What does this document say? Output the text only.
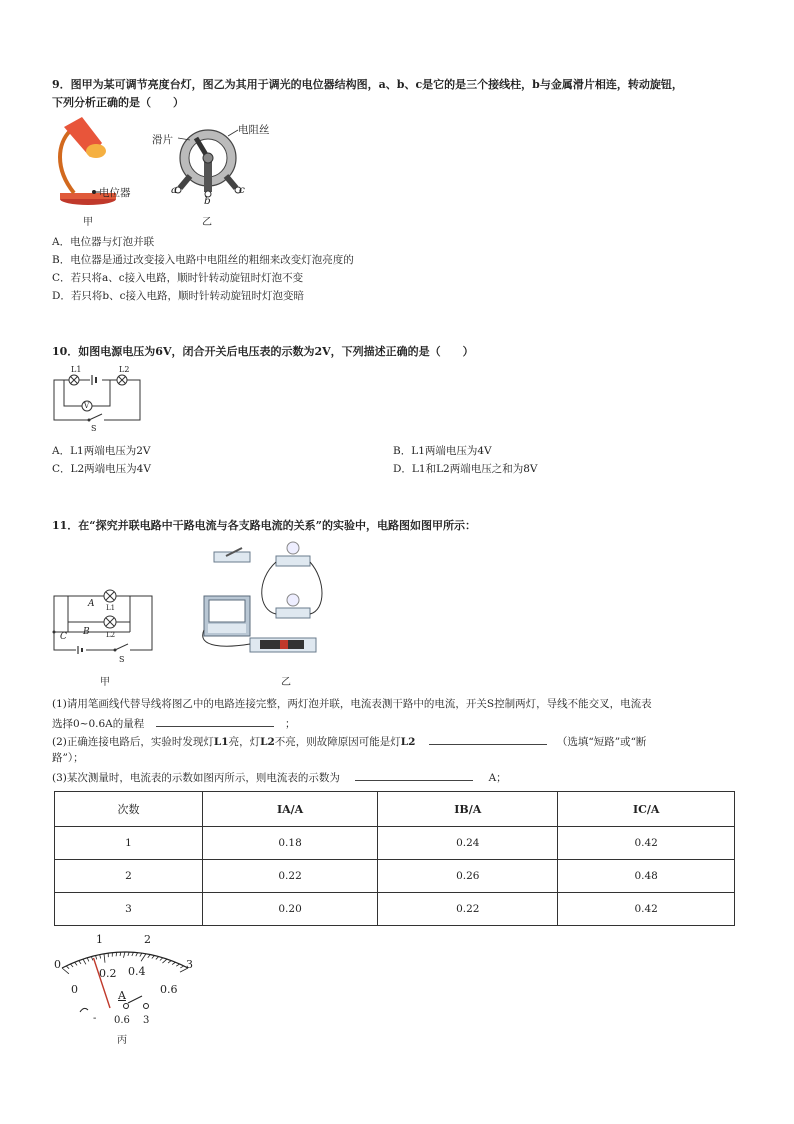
9．图甲为某可调节亮度台灯，图乙为其用于调光的电位器结构图，a、b、c是它的是三个接线柱，b与金属滑片相连，转动旋钮，
下列分析正确的是（　　）
电位器
甲
滑片
电阻丝
a
b
c
乙
A．电位器与灯泡并联
B．电位器是通过改变接入电路中电阻丝的粗细来改变灯泡亮度的
C．若只将a、c接入电路，顺时针转动旋钮时灯泡不变
D．若只将b、c接入电路，顺时针转动旋钮时灯泡变暗
10．如图电源电压为6V，闭合开关后电压表的示数为2V，下列描述正确的是（　　）
L1	L2
V
S
A．L1两端电压为2V	B．L1两端电压为4V
C．L2两端电压为4V	D．L1和L2两端电压之和为8V
11．在“探究并联电路中干路电流与各支路电流的关系”的实验中，电路图如图甲所示：
A
B
C
L1
L2
S
甲	乙
(1)请用笔画线代替导线将图乙中的电路连接完整，两灯泡并联，电流表测干路中的电流，开关S控制两灯，导线不能交叉，电流表
选择0~0.6A的量程	；
(2)正确连接电路后，实验时发现灯L1亮，灯L2不亮，则故障原因可能是灯L2	（选填“短路”或“断
路”）；
(3)某次测量时，电流表的示数如图丙所示，则电流表的示数为	A；
次数	IA/A	IB/A	IC/A
1	0.18	0.24	0.42
2	0.22	0.26	0.48
3	0.20	0.22	0.42
0
1	2
3
0
0.2 0.4
0.6
A
- 0.6 3
丙
